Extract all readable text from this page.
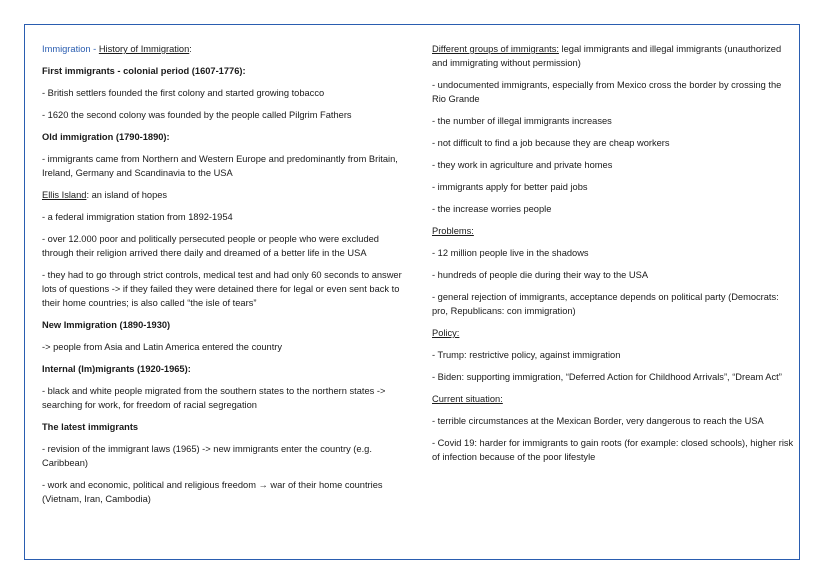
Immigration - History of Immigration:

First immigrants - colonial period (1607-1776):

- British settlers founded the first colony and started growing tobacco

- 1620 the second colony was founded by the people called Pilgrim Fathers

Old immigration (1790-1890):

- immigrants came from Northern and Western Europe and predominantly from Britain, Ireland, Germany and Scandinavia to the USA

Ellis Island: an island of hopes

- a federal immigration station from 1892-1954

- over 12.000 poor and politically persecuted people or people who were excluded through their religion arrived there daily and dreamed of a better life in the USA

- they had to go through strict controls, medical test and had only 60 seconds to answer lots of questions -> if they failed they were detained there for legal or even sent back to their home countries; is also called “the isle of tears”

New Immigration (1890-1930)

-> people from Asia and Latin America entered the country

Internal (Im)migrants (1920-1965):

- black and white people migrated from the southern states to the northern states -> searching for work, for freedom of racial segregation

The latest immigrants

- revision of the immigrant laws (1965) -> new immigrants enter the country (e.g. Caribbean)

- work and economic, political and religious freedom → war of their home countries (Vietnam, Iran, Cambodia)

Different groups of immigrants: legal immigrants and illegal immigrants (unauthorized and immigrating without permission)

- undocumented immigrants, especially from Mexico cross the border by crossing the Rio Grande

- the number of illegal immigrants increases

- not difficult to find a job because they are cheap workers

- they work in agriculture and private homes

- immigrants apply for better paid jobs

- the increase worries people

Problems:

- 12 million people live in the shadows

- hundreds of people die during their way to the USA

- general rejection of immigrants, acceptance depends on political party (Democrats: pro, Republicans: con immigration)

Policy:

- Trump: restrictive policy, against immigration

- Biden: supporting immigration, “Deferred Action for Childhood Arrivals”, “Dream Act”

Current situation:

- terrible circumstances at the Mexican Border, very dangerous to reach the USA

- Covid 19: harder for immigrants to gain roots (for example: closed schools), higher risk of infection because of the poor lifestyle
